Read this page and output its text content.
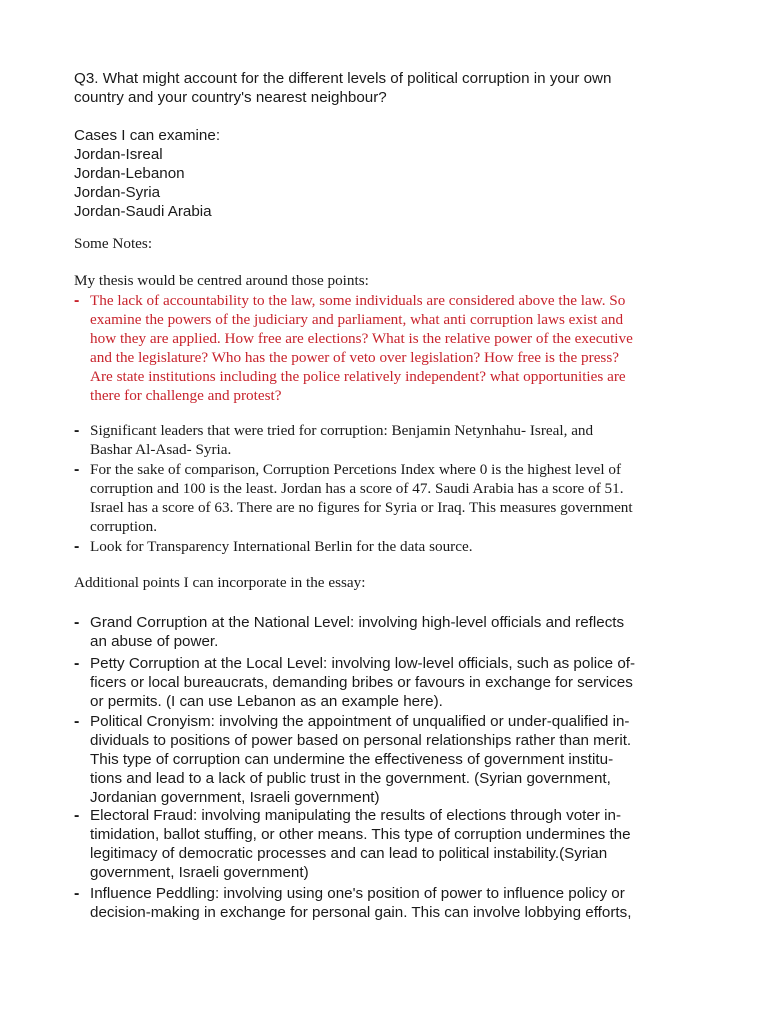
Q3. What might account for the different levels of political corruption in your own
country and your country's nearest neighbour?
Cases I can examine:
Jordan-Isreal
Jordan-Lebanon
Jordan-Syria
Jordan-Saudi Arabia
Some Notes:
My thesis would be centred around those points:
- The lack of accountability to the law, some individuals are considered above the law. So
examine the powers of the judiciary and parliament, what anti corruption laws exist and
how they are applied. How free are elections? What is the relative power of the executive
and the legislature? Who has the power of veto over legislation? How free is the press?
Are state institutions including the police relatively independent? what opportunities are
there for challenge and protest?
- Significant leaders that were tried for corruption: Benjamin Netynhahu- Isreal, and
Bashar Al-Asad- Syria.
- For the sake of comparison, Corruption Percetions Index where 0 is the highest level of
corruption and 100 is the least. Jordan has a score of 47. Saudi Arabia has a score of 51.
Israel has a score of 63. There are no figures for Syria or Iraq. This measures government
corruption.
- Look for Transparency International Berlin for the data source.
Additional points I can incorporate in the essay:
- Grand Corruption at the National Level: involving high-level officials and reflects
an abuse of power.
- Petty Corruption at the Local Level: involving low-level officials, such as police of-
ficers or local bureaucrats, demanding bribes or favours in exchange for services
or permits. (I can use Lebanon as an example here).
- Political Cronyism: involving the appointment of unqualified or under-qualified in-
dividuals to positions of power based on personal relationships rather than merit.
This type of corruption can undermine the effectiveness of government institu-
tions and lead to a lack of public trust in the government. (Syrian government,
Jordanian government, Israeli government)
- Electoral Fraud: involving manipulating the results of elections through voter in-
timidation, ballot stuffing, or other means. This type of corruption undermines the
legitimacy of democratic processes and can lead to political instability.(Syrian
government, Israeli government)
- Influence Peddling: involving using one's position of power to influence policy or
decision-making in exchange for personal gain. This can involve lobbying efforts,
